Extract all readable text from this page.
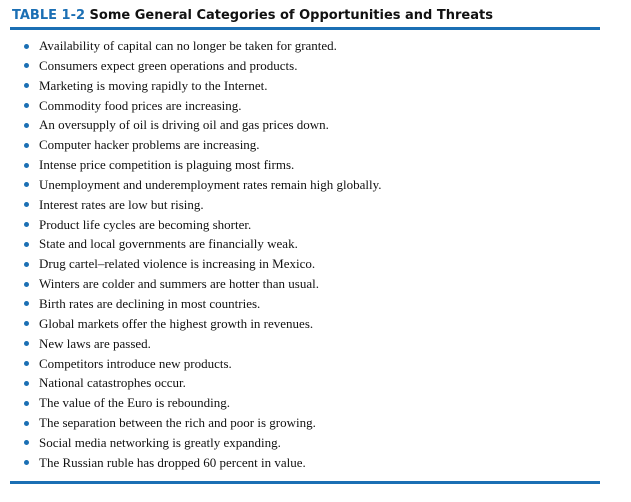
TABLE 1-2 Some General Categories of Opportunities and Threats
Availability of capital can no longer be taken for granted.
Consumers expect green operations and products.
Marketing is moving rapidly to the Internet.
Commodity food prices are increasing.
An oversupply of oil is driving oil and gas prices down.
Computer hacker problems are increasing.
Intense price competition is plaguing most firms.
Unemployment and underemployment rates remain high globally.
Interest rates are low but rising.
Product life cycles are becoming shorter.
State and local governments are financially weak.
Drug cartel–related violence is increasing in Mexico.
Winters are colder and summers are hotter than usual.
Birth rates are declining in most countries.
Global markets offer the highest growth in revenues.
New laws are passed.
Competitors introduce new products.
National catastrophes occur.
The value of the Euro is rebounding.
The separation between the rich and poor is growing.
Social media networking is greatly expanding.
The Russian ruble has dropped 60 percent in value.
